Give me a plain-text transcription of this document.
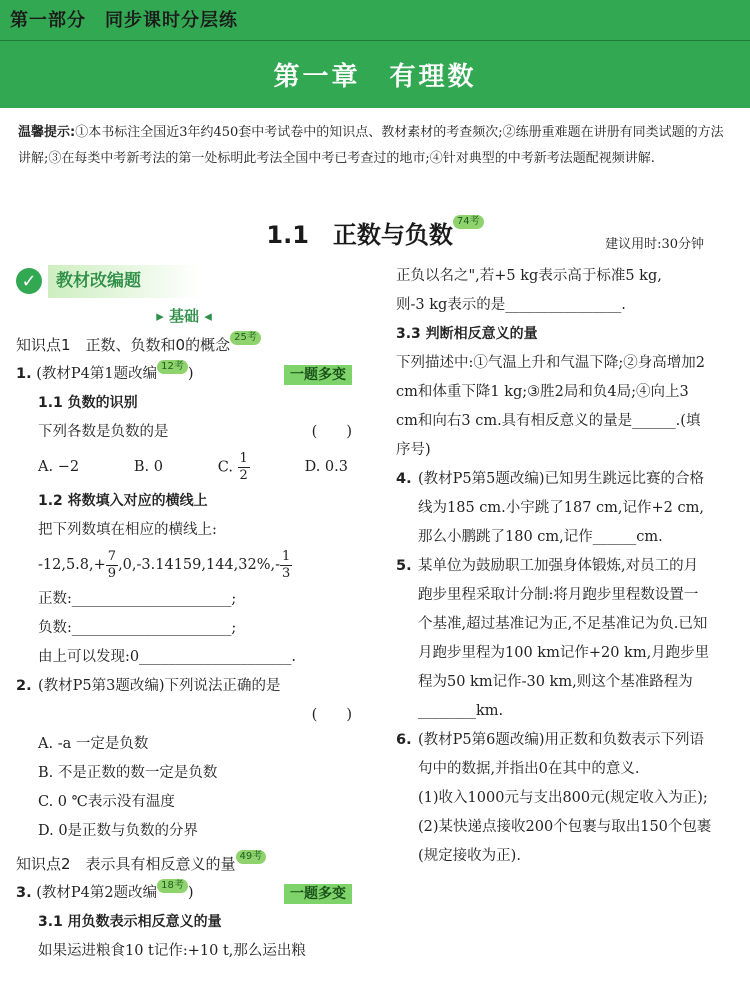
第一部分　同步课时分层练
第一章　有理数
温馨提示:①本书标注全国近3年约450套中考试卷中的知识点、教材素材的考查频次;②练册重难题在讲册有同类试题的方法讲解;③在每类中考新考法的第一处标明此考法全国中考已考查过的地市;④针对典型的中考新考法题配视频讲解.
1.1　 正数与负数 74考
建议用时:30分钟
✓	教材改编题
▸ 基础 ◂
知识点1　正数、负数和0的概念 25考
1. (教材P4第1题改编 12考 )	一题多变
1.1 负数的识别
下列各数是负数的是	(　　)
A. −2	B. 0	C. $\frac{1}{2}$	D. 0.3
1.2 将数填入对应的横线上
把下列数填在相应的横线上:
$-12,5.8,+ \frac{7}{9} ,0,-3.14159,144,32\%,- \frac{1}{3}$
正数:______________________;
负数:______________________;
由上可以发现:0_____________________.
2. (教材P5第3题改编)下列说法正确的是
(　　)
A. -a 一定是负数
B. 不是正数的数一定是负数
C. 0 ℃表示没有温度
D. 0是正数与负数的分界
知识点2　表示具有相反意义的量 49考
3. (教材P4第2题改编 18考 )	一题多变
3.1 用负数表示相反意义的量
如果运进粮食10 t记作:+10 t,那么运出粮
正负以名之",若+5 kg表示高于标准5 kg,
则-3 kg表示的是________________.
3.3 判断相反意义的量
下列描述中:①气温上升和气温下降;②身高增加2 cm和体重下降1 kg;③胜2局和负4局;④向上3 cm和向右3 cm.具有相反意义的量是______.(填序号)
4. (教材P5第5题改编)已知男生跳远比赛的合格线为185 cm.小宇跳了187 cm,记作+2 cm,那么小鹏跳了180 cm,记作______cm.
5. 某单位为鼓励职工加强身体锻炼,对员工的月跑步里程采取计分制:将月跑步里程数设置一个基准,超过基准记为正,不足基准记为负.已知月跑步里程为100 km记作+20 km,月跑步里程为50 km记作-30 km,则这个基准路程为________km.
6. (教材P5第6题改编)用正数和负数表示下列语句中的数据,并指出0在其中的意义.
(1)收入1000元与支出800元(规定收入为正);
(2)某快递点接收200个包裹与取出150个包裹(规定接收为正).
